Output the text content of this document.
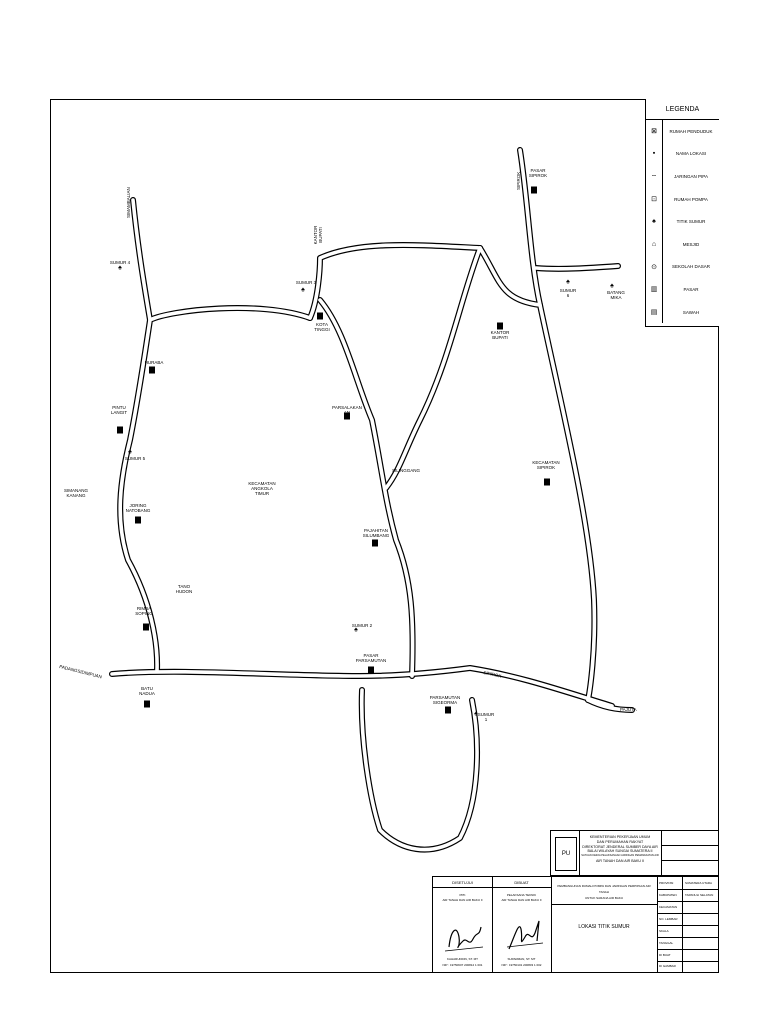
PASAR
SIPIROK
HURABA
PINTU
LANGIT
JORING
NATOBANG
RIMBA
SOPING
BATU
NADUA
KOTA
TINGGI
PARSALAKAN
AN
PASAR
PARSAMUTAN
PARSAMUTAN
SIGEORMA
KANTOR
BUPATI
♠
BATANG
MIKA
KECAMATAN
SIPIROK
PAJAHITAN
SILUMBANG
♠ SUMUR
1
♠
SUMUR 2
♠
SUMUR 3
♠
SUMUR 4
♠
SUMUR 5
♠
SUMUR
6
KECAMATAN
ANGKOLA
TIMUR
SIMANANG
KANANG
TANO
HUDON
SILINGGANG
PADANGSIDIMPUAN	SIPIROK
PAJUTA
SIMAMBALIAN
KANTOR
BUPATI
SIPIROK
LEGENDA
⊠	RUMAH PENDUDUK
▪	NAMA LOKASI
╌	JARINGAN PIPA
⊡	RUMAH POMPA
♠	TITIK SUMUR
⌂	MESJID
⊙	SEKOLAH DASAR
▥	PASAR
▤	SAWAH
PU
KEMENTERIAN PEKERJAAN UMUM
DAN PERUMAHAN RAKYAT
DIREKTORAT JENDERAL SUMBER DAYA AIR
BALAI WILAYAH SUNGAI SUMATERA II
SATUAN KERJA PELAKSANAAN JARINGAN PEMANFAATAN AIR
AIR TANAH DAN AIR BAKU II
DISETUJUI	DIBUAT
PPK
AIR TANAH DAN AIR BAKU II
PELAKSANA TEKNIK
AIR TANAH DAN AIR BAKU II
KAHARUDDIN, ST. MT
NIP : 19750607 200812 1 001
SUPARMAN, ST. MT
NIP : 19750101 200803 1 002
PEMBANGUNAN RUMAH POMPA DAN JARINGAN PERPIPAAN AIR TANAH
UNTUK SARANA AIR BAKU
LOKASI TITIK SUMUR
PROVINSI	SUMATERA UTARA
KABUPATEN	TAPANULI SELATAN
KECAMATAN
NO. LEMBAR
SKALA
TANGGAL
DI BUAT
DI GAMBAR
